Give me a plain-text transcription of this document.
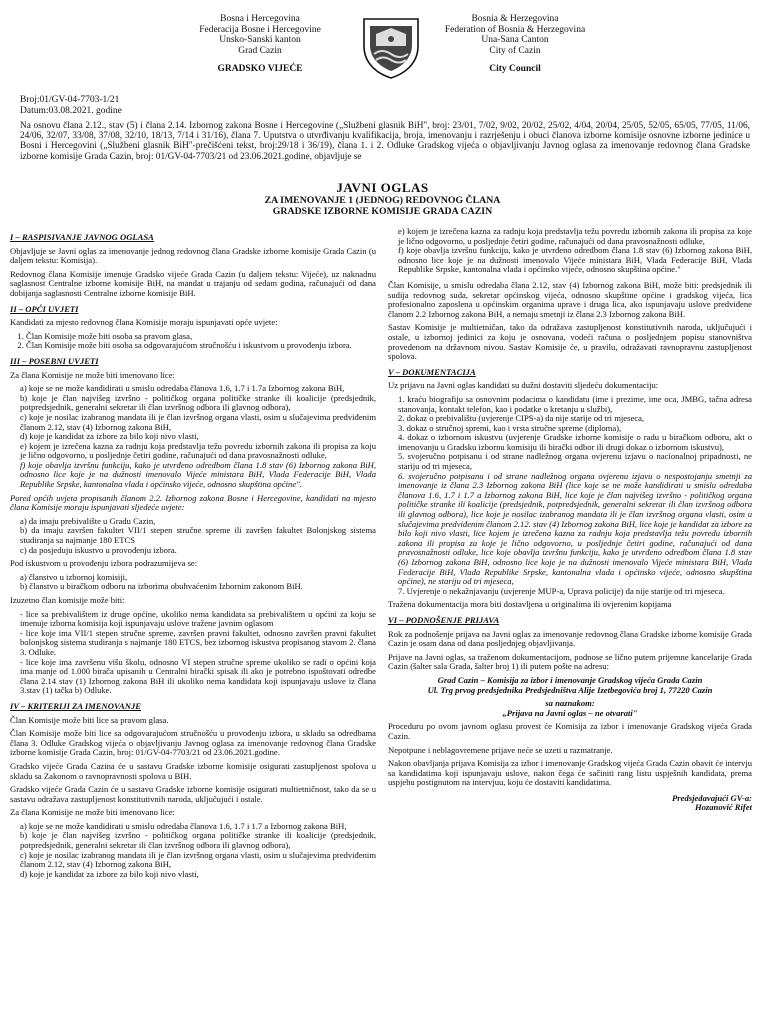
Bosna i Hercegovina
Federacija Bosne i Hercegovine
Unsko-Sanski kanton
Grad Cazin
GRADSKO VIJEĆE
Bosnia & Herzegovina
Federation of Bosnia & Herzegovina
Una-Sana Canton
City of Cazin
City Council
Broj:01/GV-04-7703-1/21
Datum:03.08.2021. godine
Na osnovu člana 2.12., stav (5) i člana 2.14. Izbornog zakona Bosne i Hercegovine („Službeni glasnik BiH", broj: 23/01, 7/02, 9/02, 20/02, 25/02, 4/04, 20/04, 25/05, 52/05, 65/05, 77/05, 11/06, 24/06, 32/07, 33/08, 37/08, 32/10, 18/13, 7/14 i 31/16), člana 7. Uputstva o utvrđivanju kvalifikacija, broja, imenovanju i razrješenju i obuci članova izborne komisije osnovne izborne jedinice u Bosni i Hercegovini („Službeni glasnik BiH"-prečišćeni tekst, broj:29/18 i 36/19), člana 1. i 2. Odluke Gradskog vijeća o objavljivanju Javnog oglasa za imenovanje redovnog člana Gradske izborne komisije Grada Cazin, broj: 01/GV-04-7703/21 od 23.06.2021.godine, objavljuje se
JAVNI OGLAS
ZA IMENOVANJE 1 (JEDNOG) REDOVNOG ČLANA
GRADSKE IZBORNE KOMISIJE GRADA CAZIN
I – RASPISIVANJE JAVNOG OGLASA

Objavljuje se Javni oglas za imenovanje jednog redovnog člana Gradske izborne komisije Grada Cazin (u daljem tekstu: Komisija).

Redovnog člana Komisije imenuje Gradsko vijeće Grada Cazin (u daljem tekstu: Vijeće), uz naknadnu saglasnost Centralne izborne komisije BiH, na mandat u trajanju od sedam godina, računajući od dana dobijanja saglasnosti Centralne izborne komisije BiH.

II – OPĆI UVJETI

Kandidati za mjesto redovnog člana Komisije moraju ispunjavati opće uvjete:

1. Član Komisije može biti osoba sa pravom glasa,
2. Član Komisije može biti osoba sa odgovarajućom stručnošću i iskustvom u provođenju izbora.
III – POSEBNI UVJETI

Za člana Komisije ne može biti imenovano lice:

a) koje se ne može kandidirati u smislu odredaba članova 1.6, 1.7 i 1.7a Izbornog zakona BiH,
b) koje je član najvišeg izvršno - političkog organa političke stranke ili koalicije (predsjednik, potpredsjednik, generalni sekretar ili član izvršnog odbora ili glavnog odbora),
c) koje je nosilac izabranog mandata ili je član izvršnog organa vlasti, osim u slučajevima predviđenim članom 2.12, stav (4) Izbornog zakona BiH,
d) koje je kandidat za izbore za bilo koji nivo vlasti,
e) kojem je izrečena kazna za radnju koja predstavlja težu povredu izbornih zakona ili propisa za koju je lično odgovorno, u posljednje četiri godine, računajući od dana pravosnažnosti odluke,
f) koje obavlja izvršnu funkciju, kako je utvrđeno odredbom člana 1.8 stav (6) Izbornog zakona BiH, odnosno lice koje je na dužnosti imenovalo Vijeće ministara BiH, Vlada Federacije BiH, Vlada Republike Srpske, kantonalna vlada i općinsko vijeće, odnosno skupština općine".

Pored općih uvjeta propisanih članom 2.2. Izbornog zakona Bosne i Hercegovine, kandidati na mjesto člana Komisije moraju ispunjavati sljedeće uvjete:

a) da imaju prebivalište u Gradu Cazin,
b) da imaju završen fakultet VII/1 stepen stručne spreme ili završen fakultet Bolonjskog sistema studiranja sa najmanje 180 ETCS
c) da posjeduju iskustvo u provođenju izbora.

Pod iskustvom u provođenju izbora podrazumijeva se:

a) članstvo u izbornoj komisiji,
b) članstvo u biračkom odboru na izborima obuhvaćenim Izbornim zakonom BiH.

Izuzetno član komisije može biti:

- lice sa prebivalištem iz druge općine, ukoliko nema kandidata sa prebivalištem u općini za koju se imenuje izborna komisija koji ispunjavaju uslove tražene javnim oglasom
- lice koje ima VII/1 stepen stručne spreme, završen pravni fakultet, odnosno završen pravni fakultet bolonjskog sistema studiranja s najmanje 180 ETCS, bez izbornog iskustva propisanog stavom 2. člana 3. Odluke.
- lice koje ima završenu višu školu, odnosno VI stepen stručne spreme ukoliko se radi o općini koja ima manje od 1.000 birača upisanih u Centralni birački spisak ili ako je potrebno ispoštovati odredbe člana 2.14 stav (1) Izbornog zakona BiH ili ukoliko nema kandidata koji ispunjavaju uslove iz člana 3.stav (1) tačka b) Odluke.
IV – KRITERIJI ZA IMENOVANJE

Član Komisije može biti lice sa pravom glasa.

Član Komisije može biti lice sa odgovarajućom stručnošću u provođenju izbora, u skladu sa odredbama člana 3. Odluke Gradskog vijeća o objavljivanju Javnog oglasa za imenovanje redovnog člana Gradske izborne komisije Grada Cazin, broj: 01/GV-04-7703/21 od 23.06.2021.godine.

Gradsko vijeće Grada Cazina će u sastavu Gradske izborne komisije osigurati zastupljenost spolova u skladu sa Zakonom o ravnopravnosti spolova u BIH.

Gradsko vijeće Grada Cazin će u sastavu Gradske izborne komisije osigurati multietničnost, tako da se u sastavu odražava zastupljenost konstitutivnih naroda, uključujući i ostale.

Za člana Komisije ne može biti imenovano lice:

a) koje se ne može kandidirati u smislu odredaba članova 1.6, 1.7 i 1.7 a Izbornog zakona BiH,
b) koje je član najvišeg izvršno - političkog organa političke stranke ili koalicije (predsjednik, potpredsjednik, generalni sekretar ili član izvršnog odbora ili glavnog odbora),
c) koje je nosilac izabranog mandata ili je član izvršnog organa vlasti, osim u slučajevima predviđenim članom 2.12, stav (4) Izbornog zakona BiH,
d) koje je kandidat za izbore za bilo koji nivo vlasti,
e) kojem je izrečena kazna za radnju koja predstavlja težu povredu izbornih zakona ili propisa za koje je lično odgovorno, u posljednje četiri godine, računajući od dana pravosnažnosti odluke,
f) koje obavlja izvršnu funkciju, kako je utvrđeno odredbom člana 1.8 stav (6) Izbornog zakona BiH, odnosno lice koje je na dužnosti imenovalo Vijeće ministara BiH, Vlada Federacije BiH, Vlada Republike Srpske, kantonalna vlada i općinsko vijeće, odnosno skupština općine."

Član Komisije, u smislu odredaba člana 2.12, stav (4) Izbornog zakona BiH, može biti: predsjednik ili sudija redovnog suda, sekretar općinskog vijeća, odnosno skupštine općine i gradskog vijeća, lica profesionalno zaposlena u općinskim organima uprave i druga lica, ako ispunjavaju uslove predviđene članom 2.2 Izbornog zakona BiH, a nemaju smetnji iz člana 2.3 Izbornog zakona BiH.

Sastav Komisije je multietničan, tako da odražava zastupljenost konstitutivnih naroda, uključujući i ostale, u izbornoj jedinici za koju je osnovana, vodeći računa o posljednjem popisu stanovništva provedenom na državnom nivou. Sastav Komisije će, u pravilu, odražavati ravnopravnu zastupljenost spolova.

V – DOKUMENTACIJA

Uz prijavu na Javni oglas kandidati su dužni dostaviti sljedeću dokumentaciju:

1. kraću biografiju sa osnovnim podacima o kandidatu (ime i prezime, ime oca, JMBG, tačna adresa stanovanja, kontakt telefon, kao i podatke o kretanju u službi),
2. dokaz o prebivalištu (uvjerenje CIPS-a) da nije starije od tri mjeseca,
3. dokaz o stručnoj spremi, kao i vrsta stručne spreme (diploma),
4. dokaz o izbornom iskustvu (uvjerenje Gradske izborne komisije o radu u biračkom odboru, akt o imenovanju u Gradsku izbornu komisiju ili birački odbor ili drugi dokaz o izbornom iskustvu),
5. svojeručno potpisanu i od strane nadležnog organa ovjerenu izjavu o nacionalnoj pripadnosti, ne stariju od tri mjeseca,
6. svojeručno potpisanu i od strane nadležnog organa ovjerenu izjavu o nespostojanju smetnji za imenovanje iz člana 2.3 Izbornog zakona BiH (lice koje se ne može kandidirati u smislu odredaba članova 1.6, 1.7 i 1.7 a Izbornog zakona BiH, lice koje je član najvišeg izvršno - političkog organa političke stranke ili koalicije (predsjednik, potpredsjednik, generalni sekretar ili član izvršnog odbora ili glavnog odbora), lice koje je nosilac izabranog mandata ili je član izvršnog organa vlasti, osim u slučajevima predviđenim članom 2.12. stav (4) Izbornog zakona BiH, lice koje je kandidat za izbore za bilo koji nivo vlasti, lice kojem je izrečena kazna za radnju koja predstavlja težu povredu izbornih zakona ili propisa za koje je lično odgovorno, u posljednje četiri godine, računajući od dana pravosnažnosti odluke, lice koje obavlja izvršnu funkciju, kako je utvrđeno odredbom člana 1.8 stav (6) Izbornog zakona BiH, odnosno lice koje je na dužnosti imenovalo Vijeće ministara BiH, Vlada Federacije BiH, Vlada Republike Srpske, kantonalna vlada i općinsko vijeće, odnosno skupština općine), ne stariju od tri mjeseca,
7. Uvjerenje o nekažnjavanju (uvjerenje MUP-a, Uprava policije) da nije starije od tri mjeseca.

Tražena dokumentacija mora biti dostavljena u originalima ili ovjerenim kopijama

VI – PODNOŠENJE PRIJAVA

Rok za podnošenje prijava na Javni oglas za imenovanje redovnog člana Gradske izborne komisije Grada Cazin je osam dana od dana posljednjeg objavljivanja.

Prijave na Javni oglas, sa traženom dokumentacijom, podnose se lično putem prijemne kancelarije Grada Cazin (šalter sala Grada, šalter broj 1) ili putem pošte na adresu:

Grad Cazin – Komisija za izbor i imenovanje Gradskog vijeća Grada Cazin
Ul. Trg prvog predsjednika Predsjedništva Alije Izetbegovića broj 1, 77220 Cazin

sa naznakom:
„Prijava na Javni oglas – ne otvarati"

Proceduru po ovom javnom oglasu provest će Komisija za izbor i imenovanje Gradskog vijeća Grada Cazin.

Nepotpune i neblagovremene prijave neće se uzeti u razmatranje.

Nakon obavljanja prijava Komisija za izbor i imenovanje Gradskog vijeća Grada Cazin obavit će intervju sa kandidatima koji ispunjavaju uslove, nakon čega će sačiniti rang listu uspješnih kandidata, prema uspjehu postignutom na intervjuu, koju će dostaviti kandidatima.

Predsjedavajući GV-a:
Hozanović Rifet
